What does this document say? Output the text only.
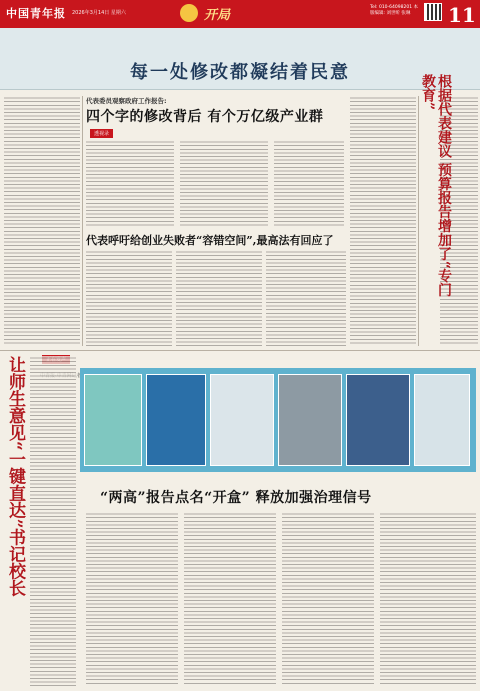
中国青年报 2026年3月14日 星期六	开局
Tel: 010-64098201 本版编辑: 刘世昕 张琳	11
每一处修改都凝结着民意
代表委员观察政府工作报告:
四个字的修改背后 有个万亿级产业群
透视录	根据代表建议 预算报告增加了“专门教育”
代表呼吁给创业失败者“容错空间”,最高法有回应了
让师生意见“一键直达”书记校长	“两高”报告点名“开盒” 释放加强治理信号
